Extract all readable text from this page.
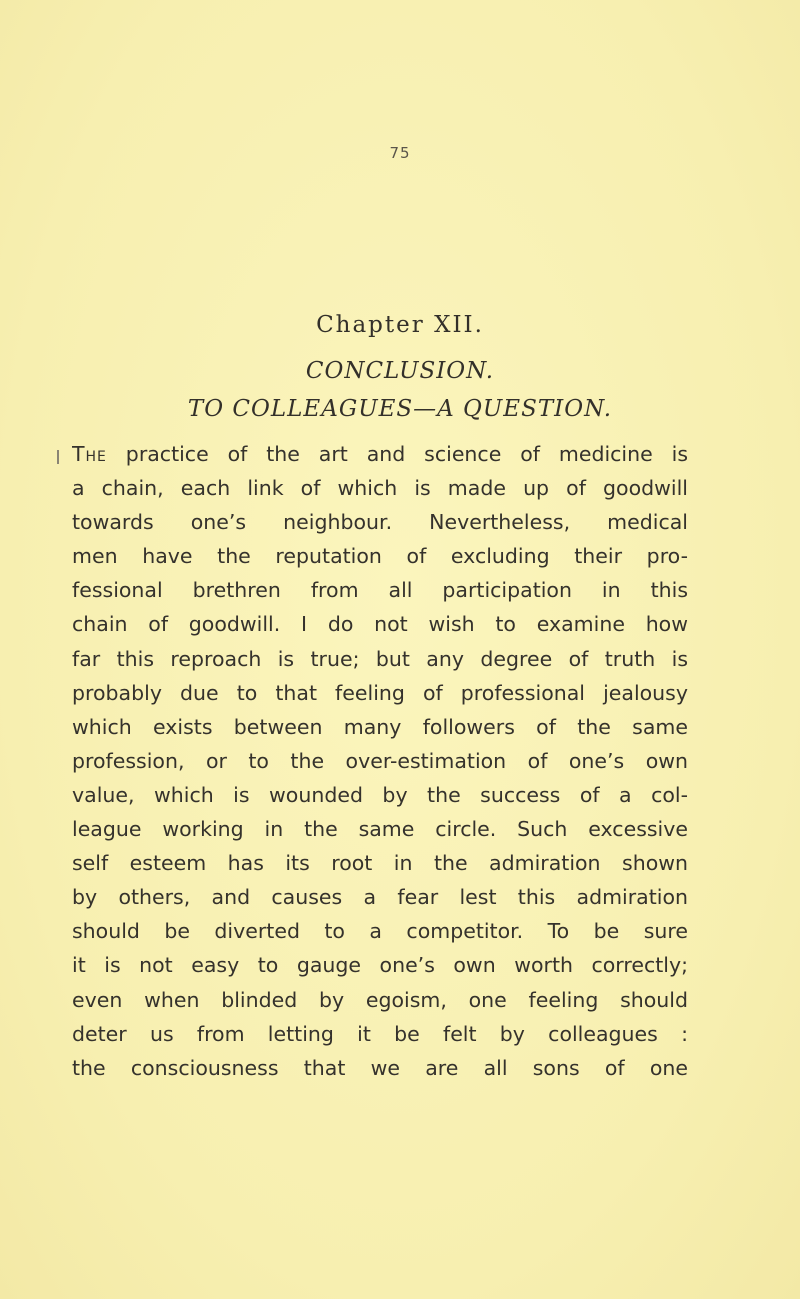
75
Chapter XII.
CONCLUSION.
TO COLLEAGUES—A QUESTION.
The practice of the art and science of medicine is
a chain, each link of which is made up of goodwill
towards one’s neighbour. Nevertheless, medical
men have the reputation of excluding their pro-
fessional brethren from all participation in this
chain of goodwill. I do not wish to examine how
far this reproach is true; but any degree of truth is
probably due to that feeling of professional jealousy
which exists between many followers of the same
profession, or to the over-estimation of one’s own
value, which is wounded by the success of a col-
league working in the same circle. Such excessive
self esteem has its root in the admiration shown
by others, and causes a fear lest this admiration
should be diverted to a competitor. To be sure
it is not easy to gauge one’s own worth correctly;
even when blinded by egoism, one feeling should
deter us from letting it be felt by colleagues :
the consciousness that we are all sons of one
